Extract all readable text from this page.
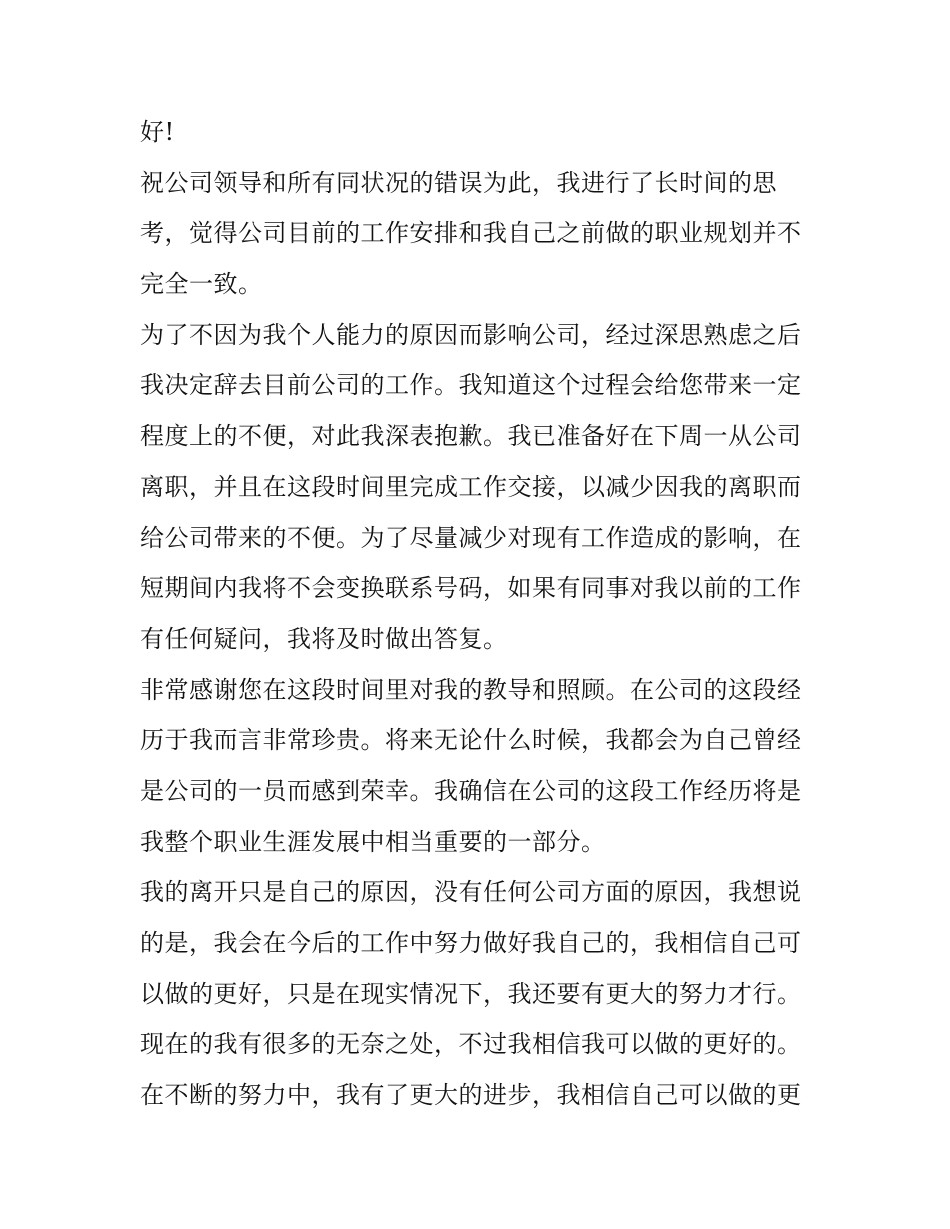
好!
祝公司领导和所有同状况的错误为此，我进行了长时间的思
考，觉得公司目前的工作安排和我自己之前做的职业规划并不
完全一致。
为了不因为我个人能力的原因而影响公司，经过深思熟虑之后
我决定辞去目前公司的工作。我知道这个过程会给您带来一定
程度上的不便，对此我深表抱歉。我已准备好在下周一从公司
离职，并且在这段时间里完成工作交接，以减少因我的离职而
给公司带来的不便。为了尽量减少对现有工作造成的影响，在
短期间内我将不会变换联系号码，如果有同事对我以前的工作
有任何疑问，我将及时做出答复。
非常感谢您在这段时间里对我的教导和照顾。在公司的这段经
历于我而言非常珍贵。将来无论什么时候，我都会为自己曾经
是公司的一员而感到荣幸。我确信在公司的这段工作经历将是
我整个职业生涯发展中相当重要的一部分。
我的离开只是自己的原因，没有任何公司方面的原因，我想说
的是，我会在今后的工作中努力做好我自己的，我相信自己可
以做的更好，只是在现实情况下，我还要有更大的努力才行。
现在的我有很多的无奈之处，不过我相信我可以做的更好的。
在不断的努力中，我有了更大的进步，我相信自己可以做的更
